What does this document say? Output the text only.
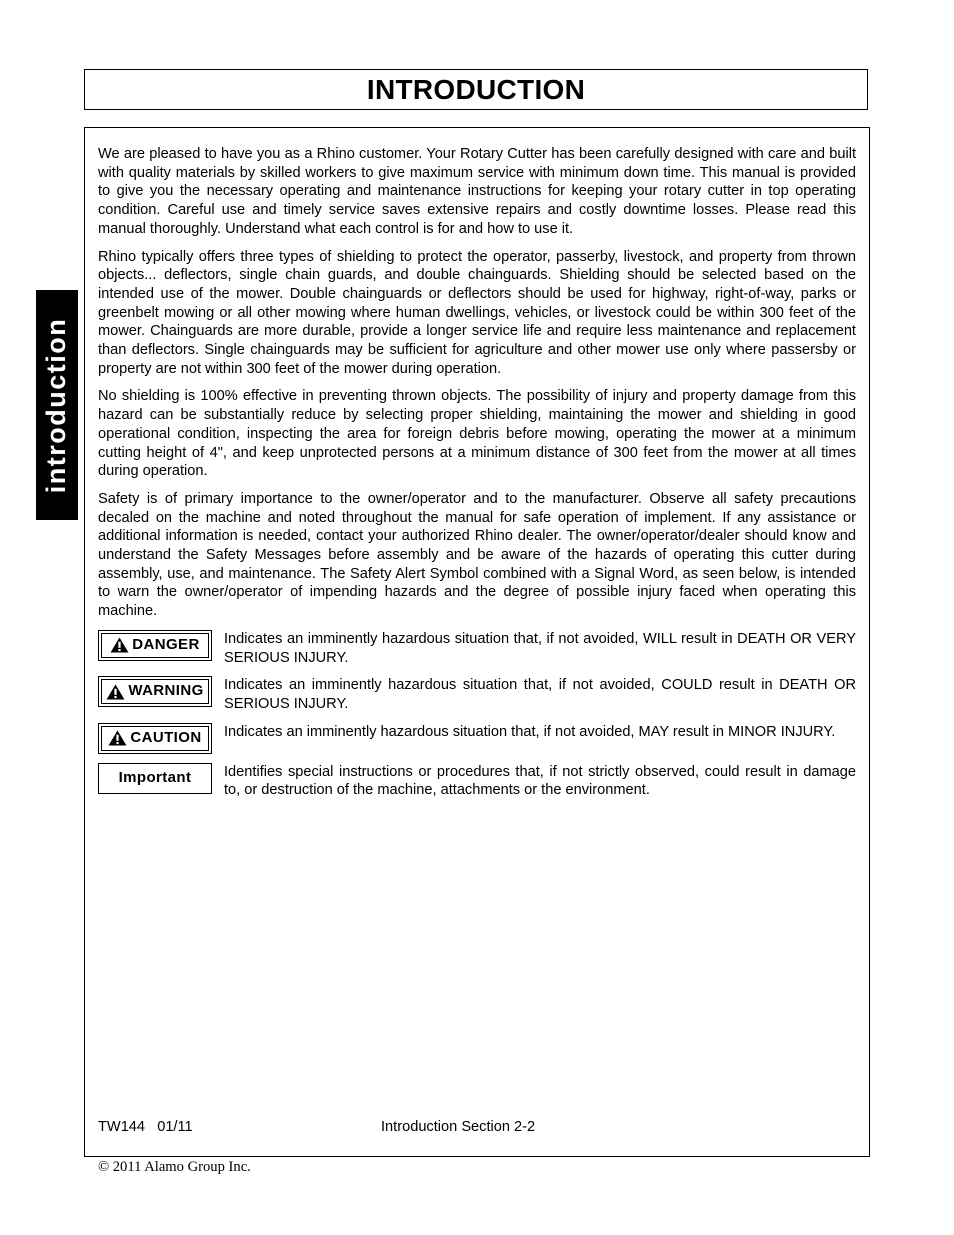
INTRODUCTION
introduction

We are pleased to have you as a Rhino customer. Your Rotary Cutter has been carefully designed with care and built with quality materials by skilled workers to give maximum service with minimum down time. This manual is provided to give you the necessary operating and maintenance instructions for keeping your rotary cutter in top operating condition. Careful use and timely service saves extensive repairs and costly downtime losses. Please read this manual thoroughly. Understand what each control is for and how to use it.

Rhino typically offers three types of shielding to protect the operator, passerby, livestock, and property from thrown objects... deflectors, single chain guards, and double chainguards. Shielding should be selected based on the intended use of the mower. Double chainguards or deflectors should be used for highway, right-of-way, parks or greenbelt mowing or all other mowing where human dwellings, vehicles, or livestock could be within 300 feet of the mower. Chainguards are more durable, provide a longer service life and require less maintenance and replacement than deflectors. Single chainguards may be sufficient for agriculture and other mower use only where passersby or property are not within 300 feet of the mower during operation.

No shielding is 100% effective in preventing thrown objects. The possibility of injury and property damage from this hazard can be substantially reduce by selecting proper shielding, maintaining the mower and shielding in good operational condition, inspecting the area for foreign debris before mowing, operating the mower at a minimum cutting height of 4", and keep unprotected persons at a minimum distance of 300 feet from the mower at all times during operation.

Safety is of primary importance to the owner/operator and to the manufacturer. Observe all safety precautions decaled on the machine and noted throughout the manual for safe operation of implement. If any assistance or additional information is needed, contact your authorized Rhino dealer. The owner/operator/dealer should know and understand the Safety Messages before assembly and be aware of the hazards of operating this cutter during assembly, use, and maintenance. The Safety Alert Symbol combined with a Signal Word, as seen below, is intended to warn the owner/operator of impending hazards and the degree of possible injury faced when operating this machine.

DANGER Indicates an imminently hazardous situation that, if not avoided, WILL result in DEATH OR VERY SERIOUS INJURY.
WARNING Indicates an imminently hazardous situation that, if not avoided, COULD result in DEATH OR SERIOUS INJURY.
CAUTION Indicates an imminently hazardous situation that, if not avoided, MAY result in MINOR INJURY.
Important Identifies special instructions or procedures that, if not strictly observed, could result in damage to, or destruction of the machine, attachments or the environment.
TW144   01/11	Introduction Section 2-2
© 2011 Alamo Group Inc.
